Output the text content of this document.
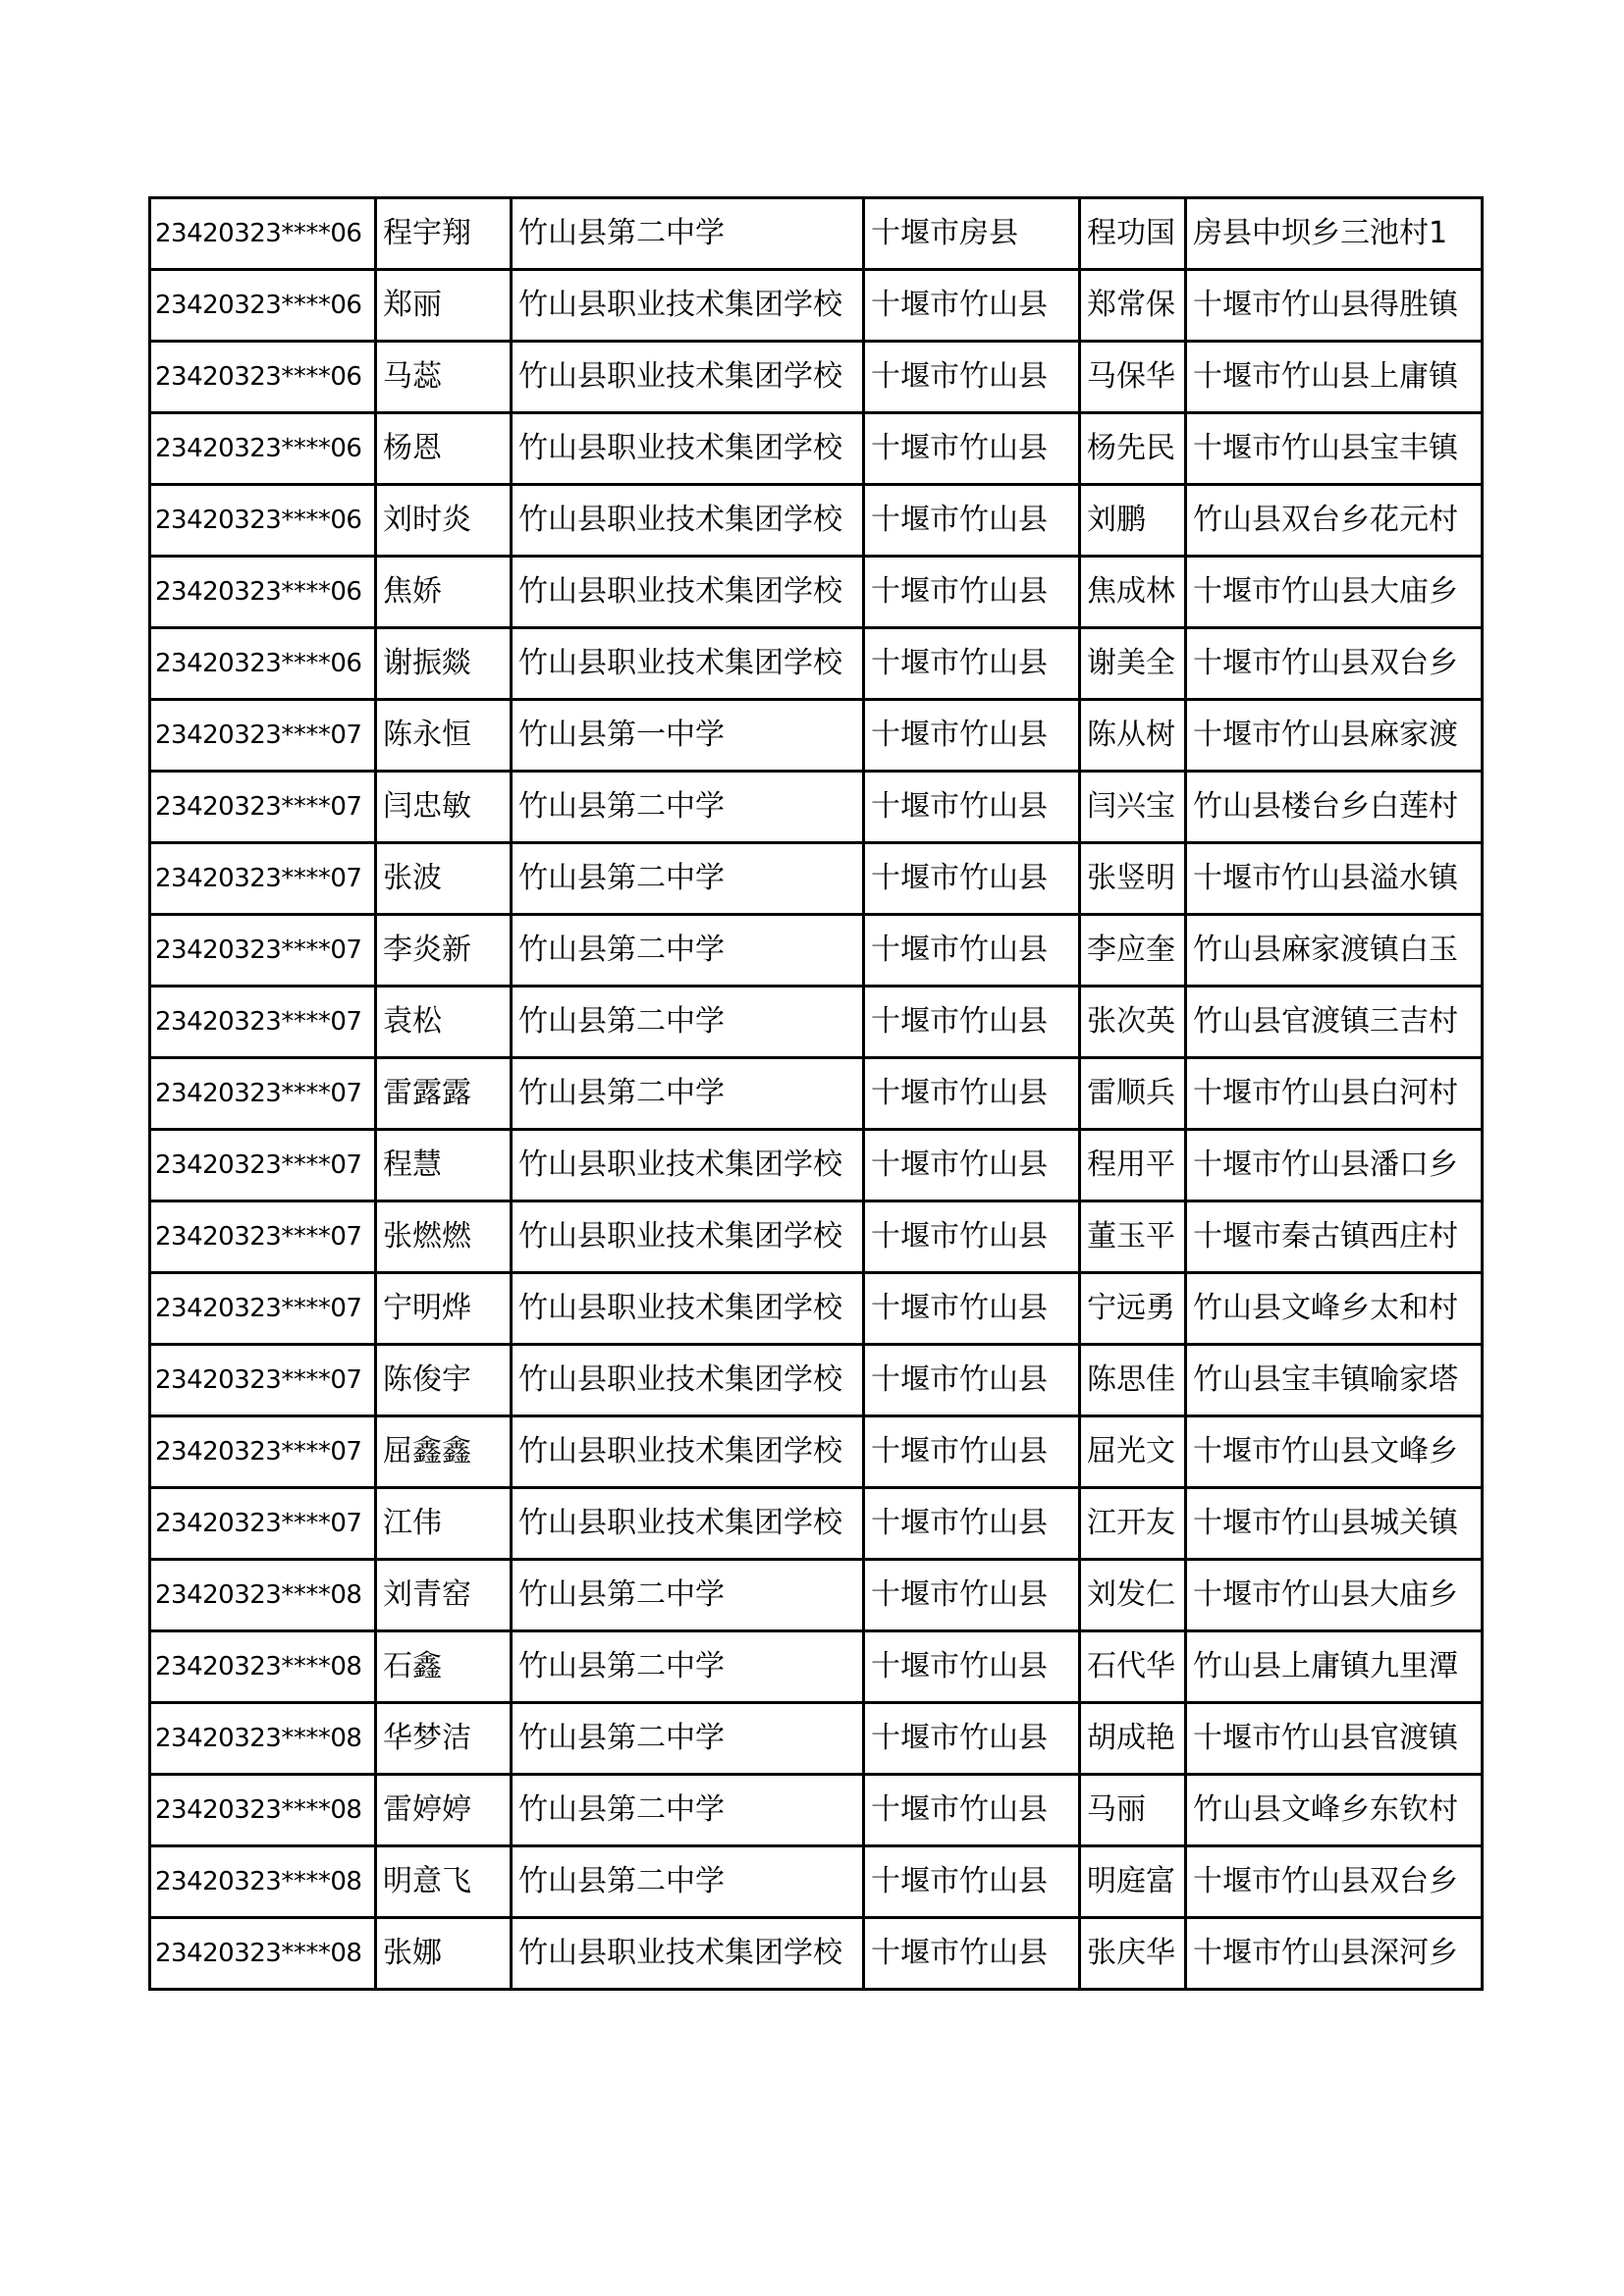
23420323****06	程宇翔	竹山县第二中学	十堰市房县	程功国	房县中坝乡三池村1
23420323****06	郑丽	竹山县职业技术集团学校	十堰市竹山县	郑常保	十堰市竹山县得胜镇
23420323****06	马蕊	竹山县职业技术集团学校	十堰市竹山县	马保华	十堰市竹山县上庸镇
23420323****06	杨恩	竹山县职业技术集团学校	十堰市竹山县	杨先民	十堰市竹山县宝丰镇
23420323****06	刘时炎	竹山县职业技术集团学校	十堰市竹山县	刘鹏	竹山县双台乡花元村
23420323****06	焦娇	竹山县职业技术集团学校	十堰市竹山县	焦成林	十堰市竹山县大庙乡
23420323****06	谢振燚	竹山县职业技术集团学校	十堰市竹山县	谢美全	十堰市竹山县双台乡
23420323****07	陈永恒	竹山县第一中学	十堰市竹山县	陈从树	十堰市竹山县麻家渡
23420323****07	闫忠敏	竹山县第二中学	十堰市竹山县	闫兴宝	竹山县楼台乡白莲村
23420323****07	张波	竹山县第二中学	十堰市竹山县	张竖明	十堰市竹山县溢水镇
23420323****07	李炎新	竹山县第二中学	十堰市竹山县	李应奎	竹山县麻家渡镇白玉
23420323****07	袁松	竹山县第二中学	十堰市竹山县	张次英	竹山县官渡镇三吉村
23420323****07	雷露露	竹山县第二中学	十堰市竹山县	雷顺兵	十堰市竹山县白河村
23420323****07	程慧	竹山县职业技术集团学校	十堰市竹山县	程用平	十堰市竹山县潘口乡
23420323****07	张燃燃	竹山县职业技术集团学校	十堰市竹山县	董玉平	十堰市秦古镇西庄村
23420323****07	宁明烨	竹山县职业技术集团学校	十堰市竹山县	宁远勇	竹山县文峰乡太和村
23420323****07	陈俊宇	竹山县职业技术集团学校	十堰市竹山县	陈思佳	竹山县宝丰镇喻家塔
23420323****07	屈鑫鑫	竹山县职业技术集团学校	十堰市竹山县	屈光文	十堰市竹山县文峰乡
23420323****07	江伟	竹山县职业技术集团学校	十堰市竹山县	江开友	十堰市竹山县城关镇
23420323****08	刘青窑	竹山县第二中学	十堰市竹山县	刘发仁	十堰市竹山县大庙乡
23420323****08	石鑫	竹山县第二中学	十堰市竹山县	石代华	竹山县上庸镇九里潭
23420323****08	华梦洁	竹山县第二中学	十堰市竹山县	胡成艳	十堰市竹山县官渡镇
23420323****08	雷婷婷	竹山县第二中学	十堰市竹山县	马丽	竹山县文峰乡东钦村
23420323****08	明意飞	竹山县第二中学	十堰市竹山县	明庭富	十堰市竹山县双台乡
23420323****08	张娜	竹山县职业技术集团学校	十堰市竹山县	张庆华	十堰市竹山县深河乡
